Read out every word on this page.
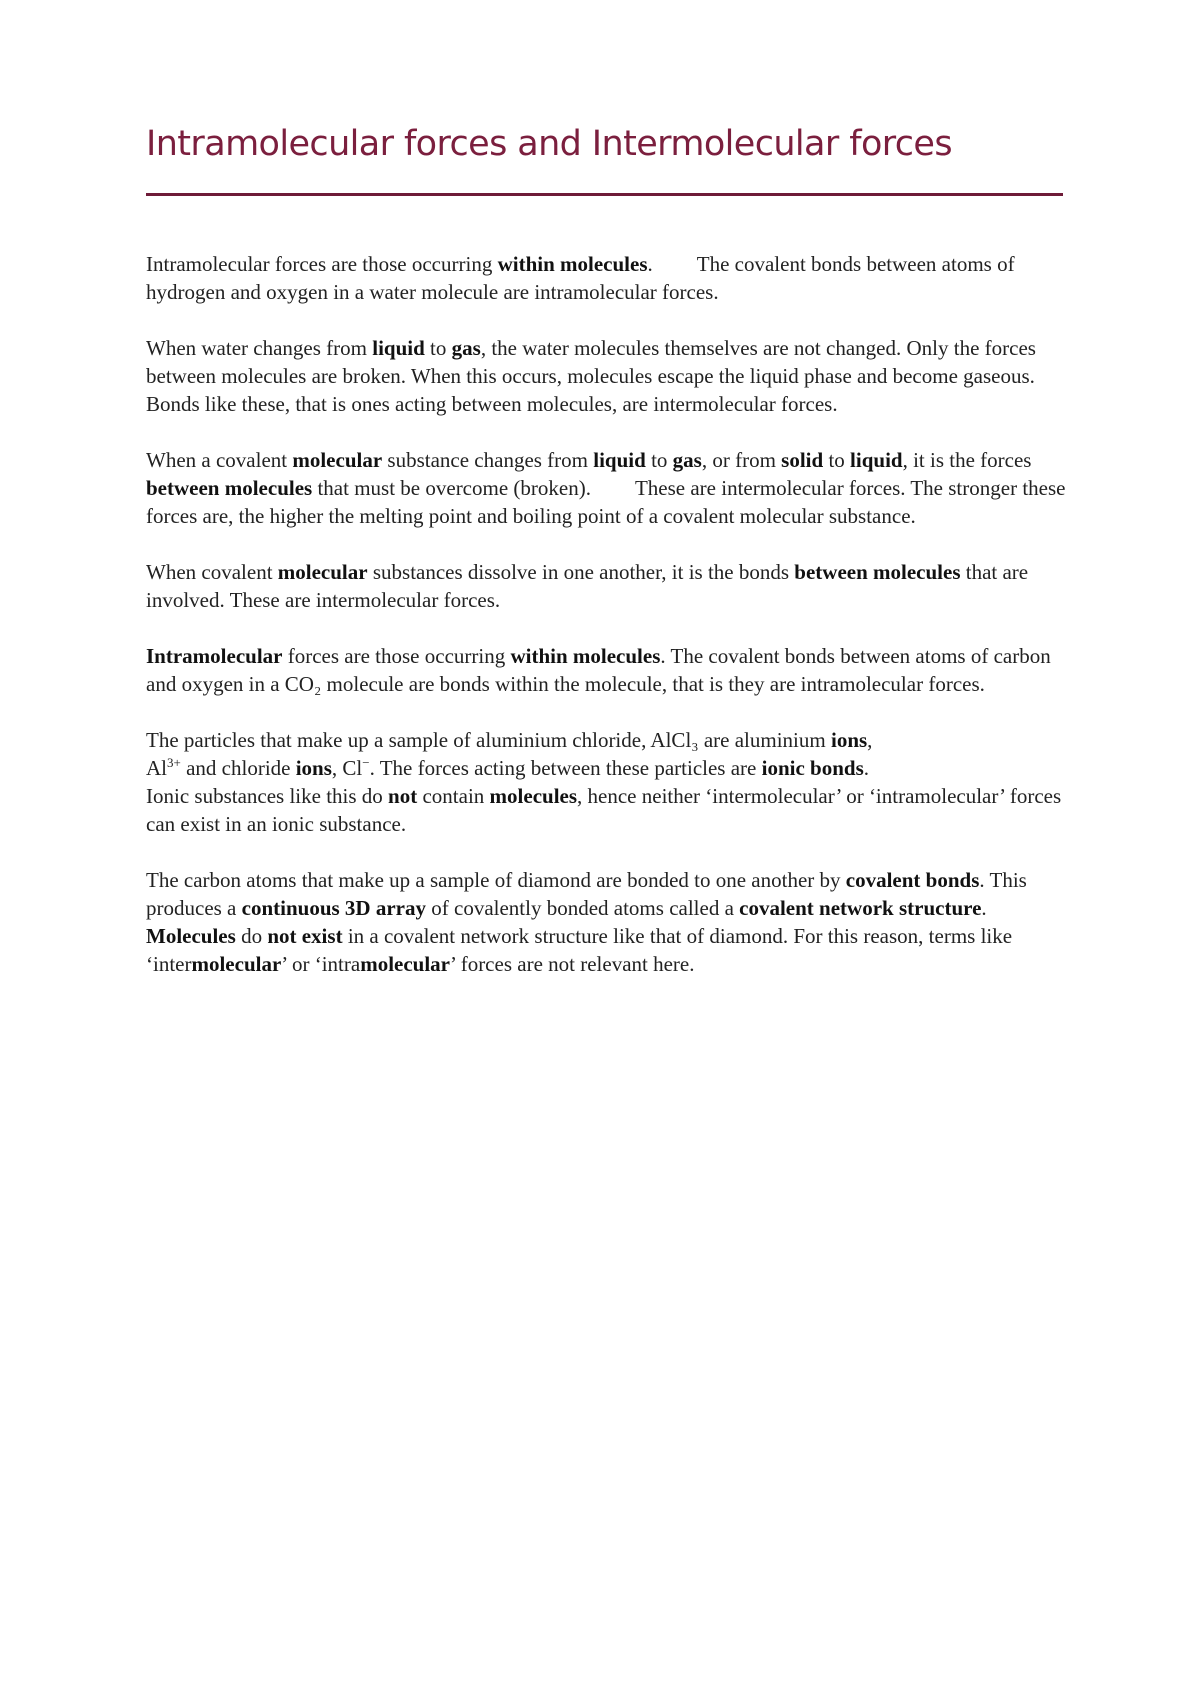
Intramolecular forces and Intermolecular forces

Intramolecular forces are those occurring within molecules. The covalent bonds between atoms of hydrogen and oxygen in a water molecule are intramolecular forces.

When water changes from liquid to gas, the water molecules themselves are not changed. Only the forces between molecules are broken. When this occurs, molecules escape the liquid phase and become gaseous. Bonds like these, that is ones acting between molecules, are intermolecular forces.

When a covalent molecular substance changes from liquid to gas, or from solid to liquid, it is the forces between molecules that must be overcome (broken). These are intermolecular forces. The stronger these forces are, the higher the melting point and boiling point of a covalent molecular substance.

When covalent molecular substances dissolve in one another, it is the bonds between molecules that are involved. These are intermolecular forces.

Intramolecular forces are those occurring within molecules. The covalent bonds between atoms of carbon and oxygen in a CO₂ molecule are bonds within the molecule, that is they are intramolecular forces.

The particles that make up a sample of aluminium chloride, AlCl₃ are aluminium ions,
$Al^{3+}$ and chloride ions, Cl−. The forces acting between these particles are ionic bonds.
Ionic substances like this do not contain molecules, hence neither ‘intermolecular’ or ‘intramolecular’ forces can exist in an ionic substance.

The carbon atoms that make up a sample of diamond are bonded to one another by covalent bonds. This produces a continuous 3D array of covalently bonded atoms called a covalent network structure.Molecules do not exist in a covalent network structure like that of diamond. For this reason, terms like ‘intermolecular’ or ‘intramolecular’ forces are not relevant here.
